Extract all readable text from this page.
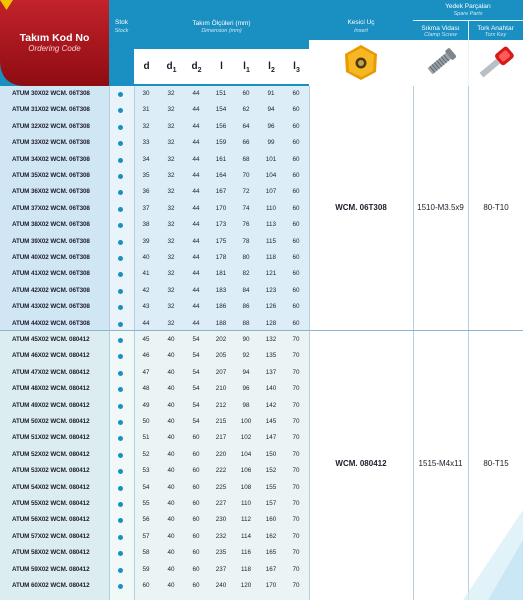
Takım Kod No
Ordering Code
Stok
Stock
Takım Ölçüleri (mm)
Dimension (mm)
d	$d_1$	$d_2$	l	$l_1$	$l_2$	$l_3$
Kesici Uç
Insert
Yedek Parçaları
Spare Parts
Sıkma Vidası
Clamp Screw
Tork Anahtar
Torx Key
ATUM 30X02 WCM. 06T308	30	32	44	151	60	91	60
ATUM 31X02 WCM. 06T308	31	32	44	154	62	94	60
ATUM 32X02 WCM. 06T308	32	32	44	156	64	96	60
ATUM 33X02 WCM. 06T308	33	32	44	159	66	99	60
ATUM 34X02 WCM. 06T308	34	32	44	161	68	101	60
ATUM 35X02 WCM. 06T308	35	32	44	164	70	104	60
ATUM 36X02 WCM. 06T308	36	32	44	167	72	107	60
ATUM 37X02 WCM. 06T308	37	32	44	170	74	110	60
ATUM 38X02 WCM. 06T308	38	32	44	173	76	113	60
ATUM 39X02 WCM. 06T308	39	32	44	175	78	115	60
ATUM 40X02 WCM. 06T308	40	32	44	178	80	118	60
ATUM 41X02 WCM. 06T308	41	32	44	181	82	121	60
ATUM 42X02 WCM. 06T308	42	32	44	183	84	123	60
ATUM 43X02 WCM. 06T308	43	32	44	186	86	126	60
ATUM 44X02 WCM. 06T308	44	32	44	188	88	128	60
ATUM 45X02 WCM. 080412	45	40	54	202	90	132	70
ATUM 46X02 WCM. 080412	46	40	54	205	92	135	70
ATUM 47X02 WCM. 080412	47	40	54	207	94	137	70
ATUM 48X02 WCM. 080412	48	40	54	210	96	140	70
ATUM 49X02 WCM. 080412	49	40	54	212	98	142	70
ATUM 50X02 WCM. 080412	50	40	54	215	100	145	70
ATUM 51X02 WCM. 080412	51	40	60	217	102	147	70
ATUM 52X02 WCM. 080412	52	40	60	220	104	150	70
ATUM 53X02 WCM. 080412	53	40	60	222	106	152	70
ATUM 54X02 WCM. 080412	54	40	60	225	108	155	70
ATUM 55X02 WCM. 080412	55	40	60	227	110	157	70
ATUM 56X02 WCM. 080412	56	40	60	230	112	160	70
ATUM 57X02 WCM. 080412	57	40	60	232	114	162	70
ATUM 58X02 WCM. 080412	58	40	60	235	116	165	70
ATUM 59X02 WCM. 080412	59	40	60	237	118	167	70
ATUM 60X02 WCM. 080412	60	40	60	240	120	170	70
WCM. 06T308	1510-M3.5x9	80-T10
WCM. 080412	1515-M4x11	80-T15
